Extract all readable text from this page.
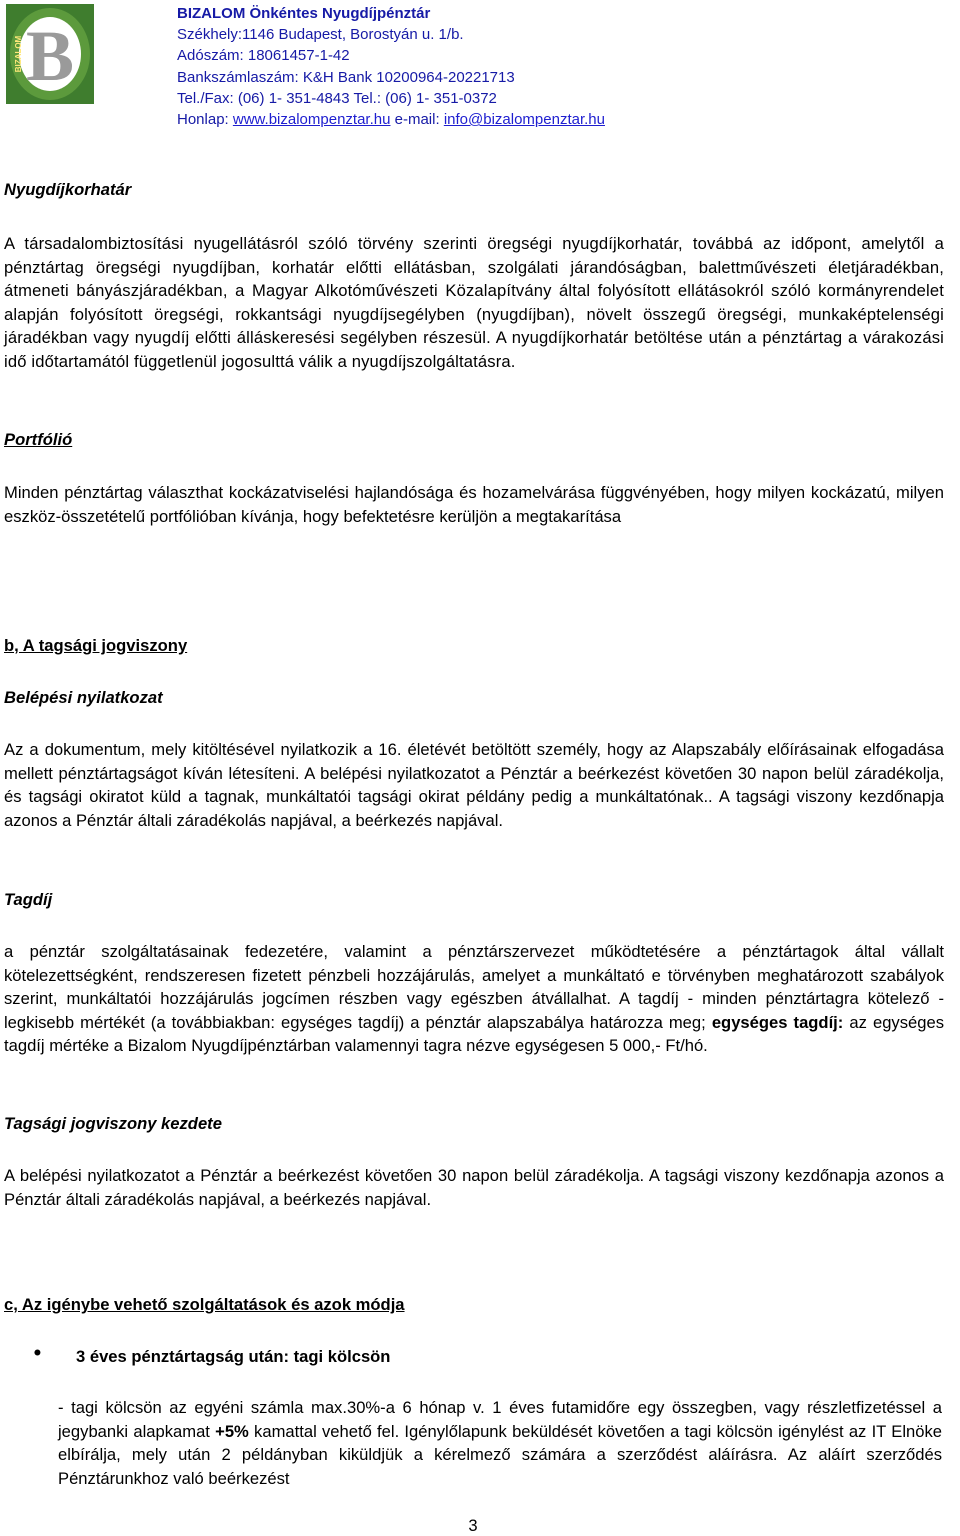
B
BIZALOM
BIZALOM Önkéntes Nyugdíjpénztár
Székhely:1146 Budapest, Borostyán u. 1/b.
Adószám: 18061457-1-42
Bankszámlaszám: K&H Bank 10200964-20221713
Tel./Fax: (06) 1- 351-4843 Tel.: (06) 1- 351-0372
Honlap: www.bizalompenztar.hu e-mail: info@bizalompenztar.hu
Nyugdíjkorhatár
A társadalombiztosítási nyugellátásról szóló törvény szerinti öregségi nyugdíjkorhatár, továbbá az időpont, amelytől a pénztártag öregségi nyugdíjban, korhatár előtti ellátásban, szolgálati járandóságban, balettművészeti életjáradékban, átmeneti bányászjáradékban, a Magyar Alkotóművészeti Közalapítvány által folyósított ellátásokról szóló kormányrendelet alapján folyósított öregségi, rokkantsági nyugdíjsegélyben (nyugdíjban), növelt összegű öregségi, munkaképtelenségi járadékban vagy nyugdíj előtti álláskeresési segélyben részesül. A nyugdíjkorhatár betöltése után a pénztártag a várakozási idő időtartamától függetlenül jogosulttá válik a nyugdíjszolgáltatásra.
Portfólió
Minden pénztártag választhat kockázatviselési hajlandósága és hozamelvárása függvényében, hogy milyen kockázatú, milyen eszköz-összetételű portfólióban kívánja, hogy befektetésre kerüljön a megtakarítása
b, A tagsági jogviszony
Belépési nyilatkozat
Az a dokumentum, mely kitöltésével nyilatkozik a 16. életévét betöltött személy, hogy az Alapszabály előírásainak elfogadása mellett pénztártagságot kíván létesíteni. A belépési nyilatkozatot a Pénztár a beérkezést követően 30 napon belül záradékolja, és tagsági okiratot küld a tagnak, munkáltatói tagsági okirat példány pedig a munkáltatónak.. A tagsági viszony kezdőnapja azonos a Pénztár általi záradékolás napjával, a beérkezés napjával.
Tagdíj
a pénztár szolgáltatásainak fedezetére, valamint a pénztárszervezet működtetésére a pénztártagok által vállalt kötelezettségként, rendszeresen fizetett pénzbeli hozzájárulás, amelyet a munkáltató e törvényben meghatározott szabályok szerint, munkáltatói hozzájárulás jogcímen részben vagy egészben átvállalhat. A tagdíj - minden pénztártagra kötelező - legkisebb mértékét (a továbbiakban: egységes tagdíj) a pénztár alapszabálya határozza meg; egységes tagdíj: az egységes tagdíj mértéke a Bizalom Nyugdíjpénztárban valamennyi tagra nézve egységesen 5 000,- Ft/hó.
Tagsági jogviszony kezdete
A belépési nyilatkozatot a Pénztár a beérkezést követően 30 napon belül záradékolja. A tagsági viszony kezdőnapja azonos a Pénztár általi záradékolás napjával, a beérkezés napjával.
c, Az igénybe vehető szolgáltatások és azok módja
• 3 éves pénztártagság után: tagi kölcsön
- tagi kölcsön az egyéni számla max.30%-a 6 hónap v. 1 éves futamidőre egy összegben, vagy részletfizetéssel a jegybanki alapkamat +5% kamattal vehető fel. Igénylőlapunk beküldését követően a tagi kölcsön igénylést az IT Elnöke elbírálja, mely után 2 példányban kiküldjük a kérelmező számára a szerződést aláírásra. Az aláírt szerződés Pénztárunkhoz való beérkezést
3
